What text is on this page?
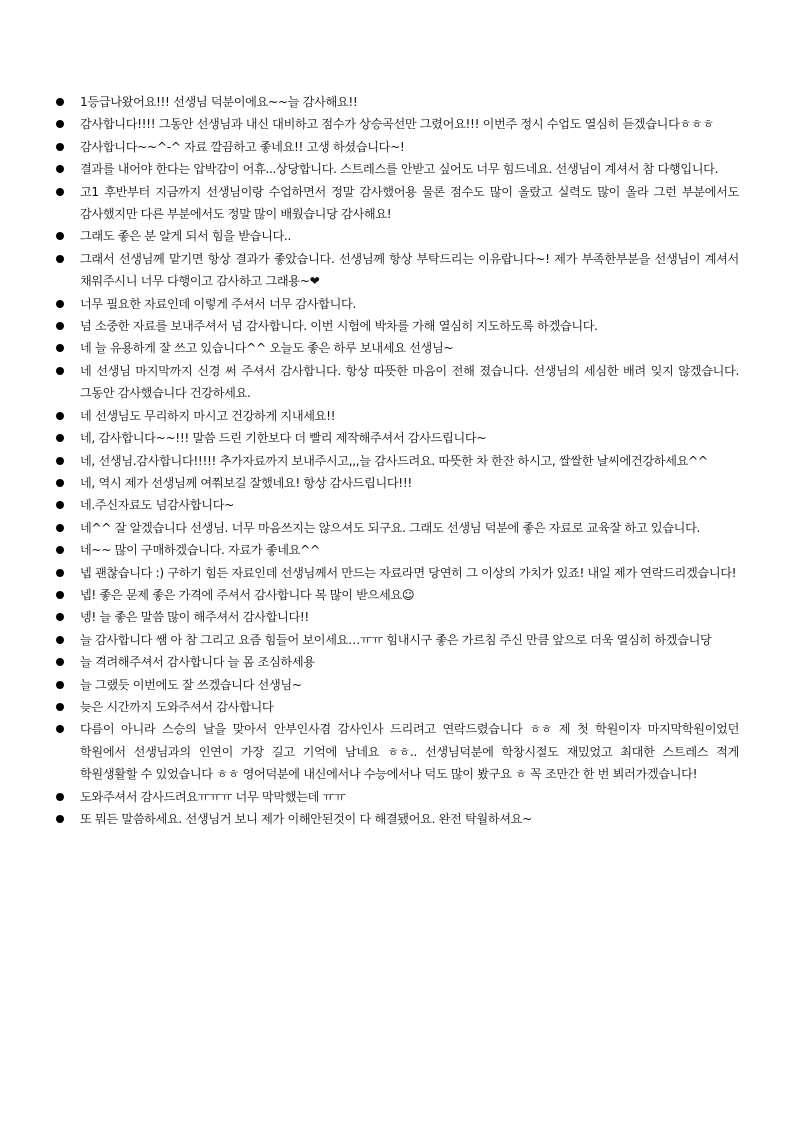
1등급나왔어요!!! 선생님 덕분이에요~~늘 감사해요!!
감사합니다!!!! 그동안 선생님과 내신 대비하고 점수가 상승곡선만 그렸어요!!! 이번주 정시 수업도 열심히 듣겠습니다ㅎㅎㅎ
감사합니다~~^-^ 자료 깔끔하고 좋네요!! 고생 하셨습니다~!
결과를 내어야 한다는 압박감이 어휴...상당합니다. 스트레스를 안받고 싶어도 너무 힘드네요. 선생님이 계셔서 참 다행입니다.
고1 후반부터 지금까지 선생님이랑 수업하면서 정말 감사했어용 물론 점수도 많이 올랐고 실력도 많이 올라 그런 부분에서도 감사했지만 다른 부분에서도 정말 많이 배웠습니당 감사해요!
그래도 좋은 분 알게 되서 힘을 받습니다..
그래서 선생님께 맡기면 항상 결과가 좋았습니다. 선생님께 항상 부탁드리는 이유랍니다~! 제가 부족한부분을 선생님이 계셔서 채워주시니 너무 다행이고 감사하고 그래용~❤
너무 필요한 자료인데 이렇게 주셔서 너무 감사합니다.
넘 소중한 자료를 보내주셔서 넘 감사합니다. 이번 시험에 박차를 가해 열심히 지도하도록 하겠습니다.
네 늘 유용하게 잘 쓰고 있습니다^^ 오늘도 좋은 하루 보내세요 선생님~
네 선생님 마지막까지 신경 써 주셔서 감사합니다. 항상 따뜻한 마음이 전해 졌습니다. 선생님의 세심한 배려 잊지 않겠습니다. 그동안 감사했습니다 건강하세요.
네 선생님도 무리하지 마시고 건강하게 지내세요!!
네, 감사합니다~~!!! 말씀 드린 기한보다 더 빨리 제작해주셔서 감사드립니다~
네, 선생님.감사합니다!!!!! 추가자료까지 보내주시고,,,늘 감사드려요. 따뜻한 차 한잔 하시고, 쌀쌀한 날씨에건강하세요^^
네, 역시 제가 선생님께 여쭤보길 잘했네요! 항상 감사드립니다!!!
네.주신자료도 넘감사합니다~
네^^ 잘 알겠습니다 선생님. 너무 마음쓰지는 않으셔도 되구요. 그래도 선생님 덕분에 좋은 자료로 교육잘 하고 있습니다.
네~~ 많이 구매하겠습니다. 자료가 좋네요^^
넵 괜찮습니다 :) 구하기 힘든 자료인데 선생님께서 만드는 자료라면 당연히 그 이상의 가치가 있죠! 내일 제가 연락드리겠습니다!
넵! 좋은 문제 좋은 가격에 주셔서 감사합니다 복 많이 받으세요☺
넹! 늘 좋은 말씀 많이 해주셔서 감사합니다!!
늘 감사합니다 쌤 아 참 그리고 요즘 힘들어 보이세요…ㅠㅠ 힘내시구 좋은 가르침 주신 만큼 앞으로 더욱 열심히 하겠습니당
늘 격려해주셔서 감사합니다 늘 몸 조심하세용
늘 그랬듯 이번에도 잘 쓰겠습니다 선생님~
늦은 시간까지 도와주셔서 감사합니다
다름이 아니라 스승의 날을 맞아서 안부인사겸 감사인사 드리려고 연락드렸습니다 ㅎㅎ 제 첫 학원이자 마지막학원이었던 학원에서 선생님과의 인연이 가장 길고 기억에 남네요 ㅎㅎ.. 선생님덕분에 학창시절도 재밌었고 최대한 스트레스 적게 학원생활할 수 있었습니다 ㅎㅎ 영어덕분에 내신에서나 수능에서나 덕도 많이 봤구요 ㅎ 꼭 조만간 한 번 뵈러가겠습니다!
도와주셔서 감사드려요ㅠㅠㅠ 너무 막막했는데 ㅠㅠ
또 뭐든 말씀하세요. 선생님거 보니 제가 이해안된것이 다 해결됐어요. 완전 탁월하셔요~
